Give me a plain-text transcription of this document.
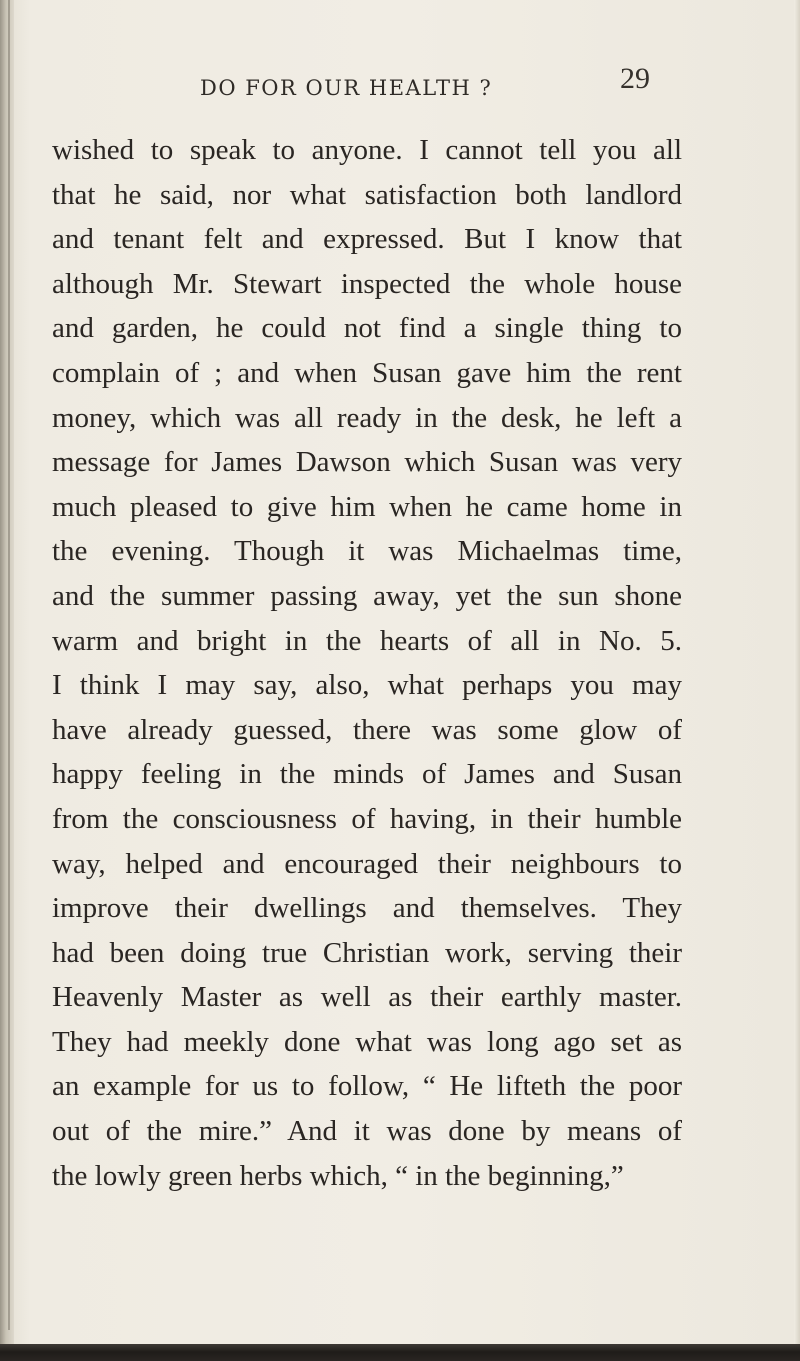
DO FOR OUR HEALTH ?	29
wished to speak to anyone. I cannot tell you all
that he said, nor what satisfaction both landlord
and tenant felt and expressed. But I know that
although Mr. Stewart inspected the whole house
and garden, he could not find a single thing to
complain of ; and when Susan gave him the rent
money, which was all ready in the desk, he left a
message for James Dawson which Susan was very
much pleased to give him when he came home in
the evening. Though it was Michaelmas time,
and the summer passing away, yet the sun shone
warm and bright in the hearts of all in No. 5.
I think I may say, also, what perhaps you may
have already guessed, there was some glow of
happy feeling in the minds of James and Susan
from the consciousness of having, in their humble
way, helped and encouraged their neighbours to
improve their dwellings and themselves. They
had been doing true Christian work, serving their
Heavenly Master as well as their earthly master.
They had meekly done what was long ago set as
an example for us to follow, “ He lifteth the poor
out of the mire.” And it was done by means of
the lowly green herbs which, “ in the beginning,”
